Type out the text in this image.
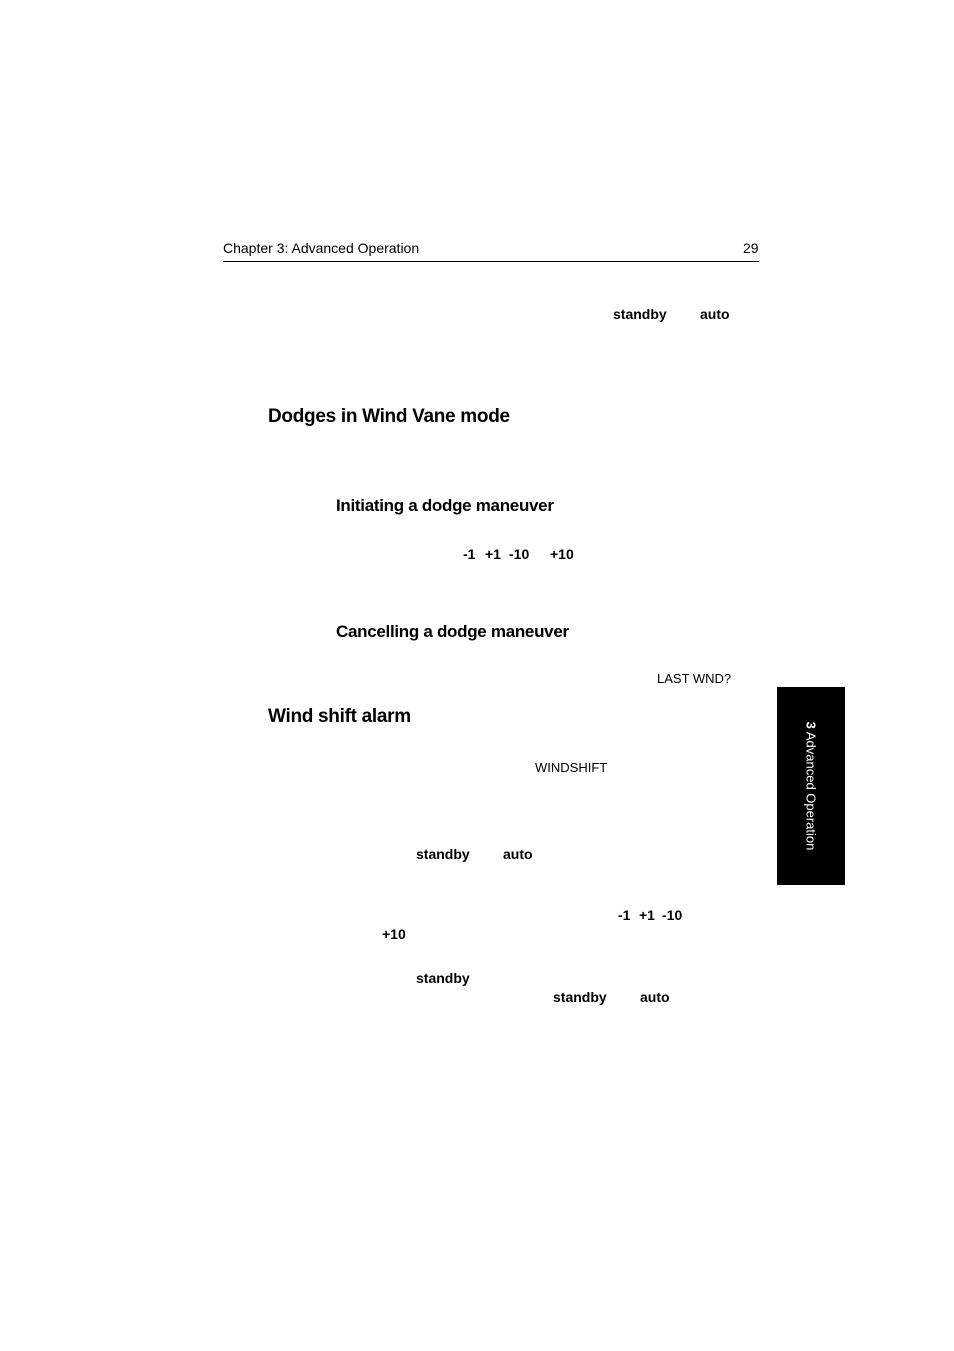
Chapter 3: Advanced Operation	29
standby auto
Dodges in Wind Vane mode
Initiating a dodge maneuver
-1 +1 -10 +10
Cancelling a dodge maneuver
LAST WND?
Wind shift alarm
WINDSHIFT
standby auto
-1 +1 -10
+10
standby
standby auto
3Advanced Operation
